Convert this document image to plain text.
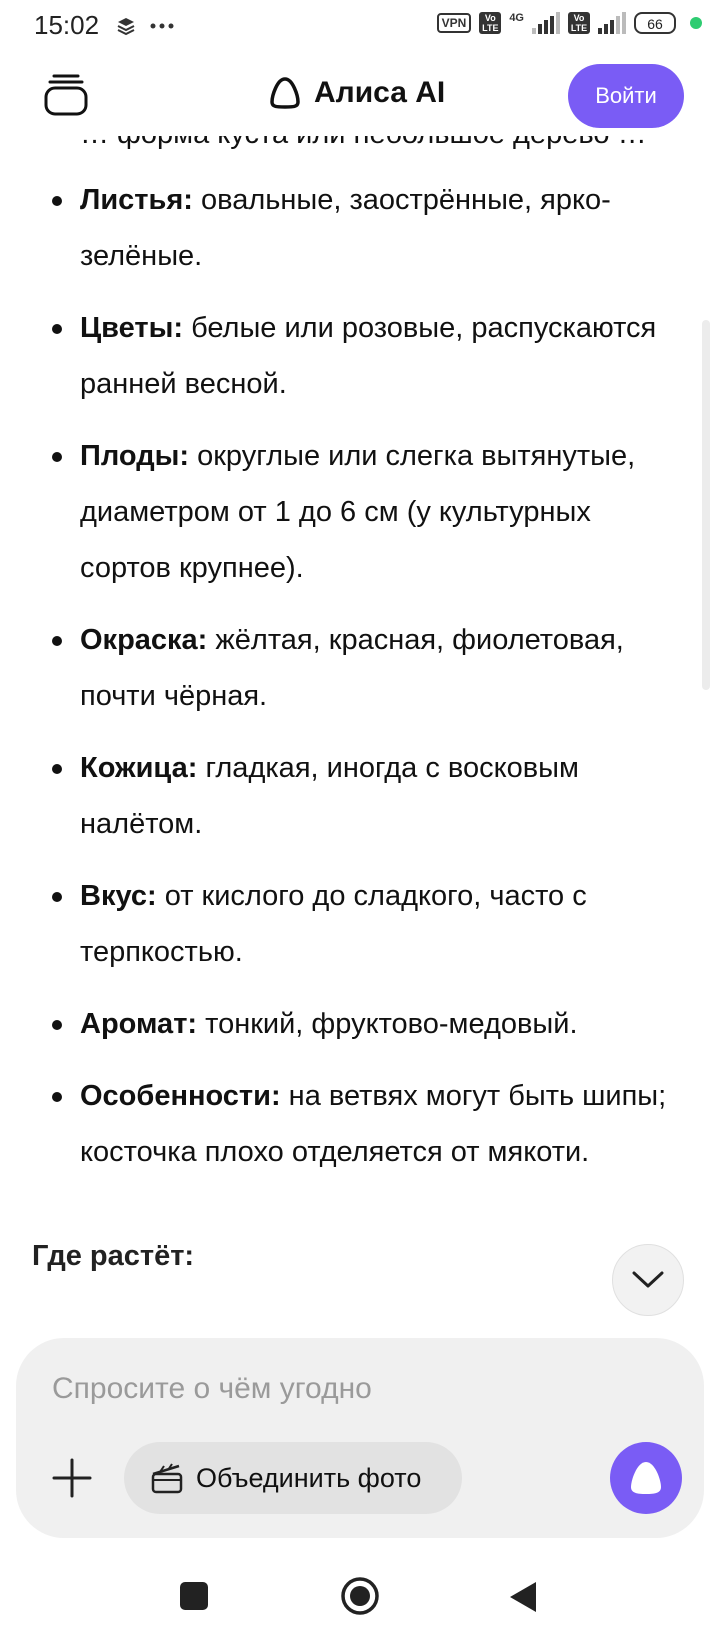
15:02	VPN	Vo
LTE
4G	Vo
LTE	66
Алиса AI	Войти
Листья: овальные, заострённые, ярко-зелёные.
Цветы: белые или розовые, распускаются ранней весной.
Плоды: округлые или слегка вытянутые, диаметром от 1 до 6 см (у культурных сортов крупнее).
Окраска: жёлтая, красная, фиолетовая, почти чёрная.
Кожица: гладкая, иногда с восковым налётом.
Вкус: от кислого до сладкого, часто с терпкостью.
Аромат: тонкий, фруктово-медовый.
Особенности: на ветвях могут быть шипы; косточка плохо отделяется от мякоти.
Где растёт:
Спросите о чём угодно
Объединить фото
